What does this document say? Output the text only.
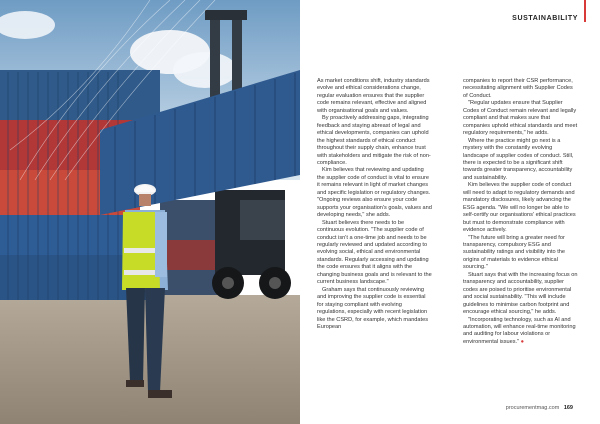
SUSTAINABILITY

As market conditions shift, industry standards evolve and ethical considerations change, regular evaluation ensures that the supplier code remains relevant, effective and aligned with organisational goals and values.

By proactively addressing gaps, integrating feedback and staying abreast of legal and ethical developments, companies can uphold the highest standards of ethical conduct throughout their supply chain, enhance trust with stakeholders and mitigate the risk of non-compliance.

Kim believes that reviewing and updating the supplier code of conduct is vital to ensure it remains relevant in light of market changes and specific legislation or regulatory changes. "Ongoing reviews also ensure your code supports your organisation's goals, values and developing needs," she adds.

Stuart believes there needs to be continuous evolution. "The supplier code of conduct isn't a one-time job and needs to be regularly reviewed and updated according to evolving social, ethical and environmental standards. Regularly accessing and updating the code ensures that it aligns with the changing business goals and is relevant to the current business landscape."

Graham says that continuously reviewing and improving the supplier code is essential for staying compliant with evolving regulations, especially with recent legislation like the CSRD, for example, which mandates European

companies to report their CSR performance, necessitating alignment with Supplier Codes of Conduct.

"Regular updates ensure that Supplier Codes of Conduct remain relevant and legally compliant and that makes sure that companies uphold ethical standards and meet regulatory requirements," he adds.

Where the practice might go next is a mystery with the constantly evolving landscape of supplier codes of conduct. Still, there is expected to be a significant shift towards greater transparency, accountability and sustainability.

Kim believes the supplier code of conduct will need to adapt to regulatory demands and mandatory disclosures, likely advancing the ESG agenda. "We will no longer be able to self-certify our organisations' ethical practices but must to demonstrate compliance with evidence actively.

"The future will bring a greater need for transparency, compulsory ESG and sustainability ratings and visibility into the origins of materials to evidence ethical sourcing."

Stuart says that with the increasing focus on transparency and accountability, supplier codes are poised to prioritise environmental and social sustainability. "This will include guidelines to minimise carbon footprint and encourage ethical sourcing," he adds.

"Incorporating technology, such as AI and automation, will enhance real-time monitoring and auditing for labour violations or environmental issues." ●

procurementmag.com 169
